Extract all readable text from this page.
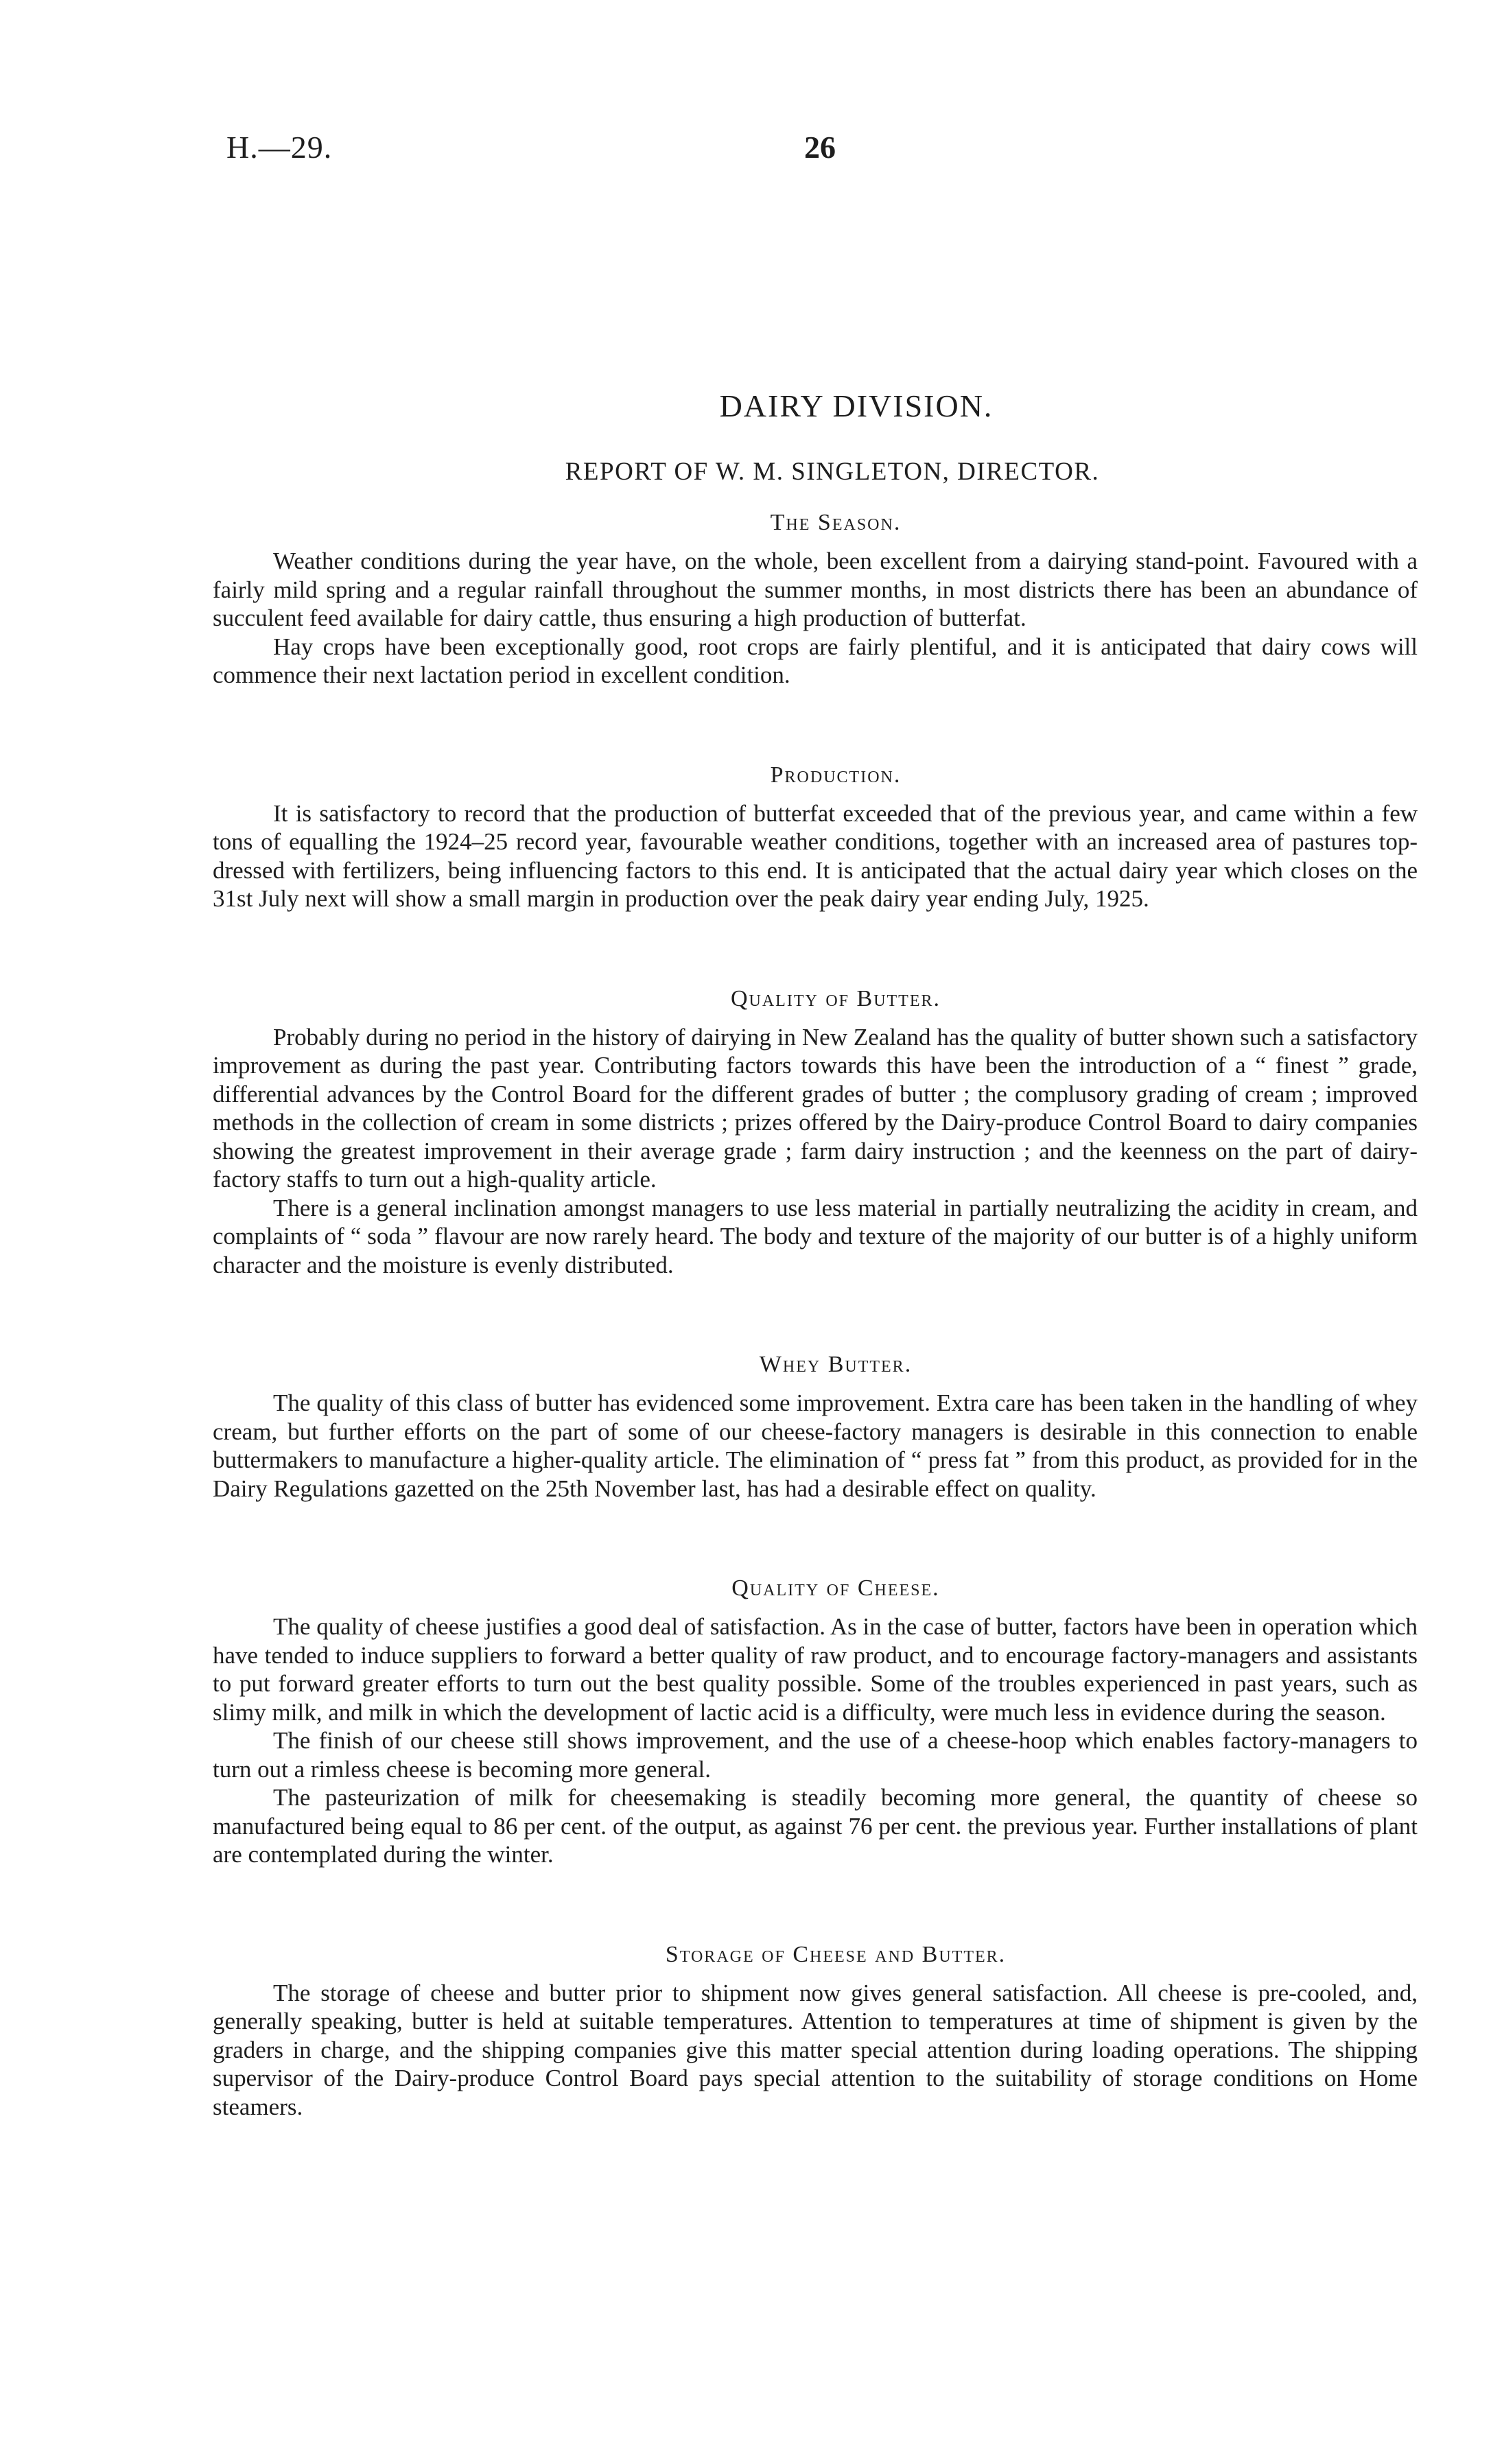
H.—29.	26
DAIRY DIVISION.
REPORT OF W. M. SINGLETON, DIRECTOR.
The Season.

Weather conditions during the year have, on the whole, been excellent from a dairying stand-point. Favoured with a fairly mild spring and a regular rainfall throughout the summer months, in most districts there has been an abundance of succulent feed available for dairy cattle, thus ensuring a high production of butterfat.

Hay crops have been exceptionally good, root crops are fairly plentiful, and it is anticipated that dairy cows will commence their next lactation period in excellent condition.

Production.

It is satisfactory to record that the production of butterfat exceeded that of the previous year, and came within a few tons of equalling the 1924–25 record year, favourable weather conditions, together with an increased area of pastures top-dressed with fertilizers, being influencing factors to this end. It is anticipated that the actual dairy year which closes on the 31st July next will show a small margin in production over the peak dairy year ending July, 1925.

Quality of Butter.

Probably during no period in the history of dairying in New Zealand has the quality of butter shown such a satisfactory improvement as during the past year. Contributing factors towards this have been the introduction of a “ finest ” grade, differential advances by the Control Board for the different grades of butter ; the complusory grading of cream ; improved methods in the collection of cream in some districts ; prizes offered by the Dairy-produce Control Board to dairy companies showing the greatest improvement in their average grade ; farm dairy instruction ; and the keenness on the part of dairy-factory staffs to turn out a high-quality article.

There is a general inclination amongst managers to use less material in partially neutralizing the acidity in cream, and complaints of “ soda ” flavour are now rarely heard. The body and texture of the majority of our butter is of a highly uniform character and the moisture is evenly distributed.

Whey Butter.

The quality of this class of butter has evidenced some improvement. Extra care has been taken in the handling of whey cream, but further efforts on the part of some of our cheese-factory managers is desirable in this connection to enable buttermakers to manufacture a higher-quality article. The elimination of “ press fat ” from this product, as provided for in the Dairy Regulations gazetted on the 25th November last, has had a desirable effect on quality.

Quality of Cheese.

The quality of cheese justifies a good deal of satisfaction. As in the case of butter, factors have been in operation which have tended to induce suppliers to forward a better quality of raw product, and to encourage factory-managers and assistants to put forward greater efforts to turn out the best quality possible. Some of the troubles experienced in past years, such as slimy milk, and milk in which the development of lactic acid is a difficulty, were much less in evidence during the season.

The finish of our cheese still shows improvement, and the use of a cheese-hoop which enables factory-managers to turn out a rimless cheese is becoming more general.

The pasteurization of milk for cheesemaking is steadily becoming more general, the quantity of cheese so manufactured being equal to 86 per cent. of the output, as against 76 per cent. the previous year. Further installations of plant are contemplated during the winter.

Storage of Cheese and Butter.

The storage of cheese and butter prior to shipment now gives general satisfaction. All cheese is pre-cooled, and, generally speaking, butter is held at suitable temperatures. Attention to temperatures at time of shipment is given by the graders in charge, and the shipping companies give this matter special attention during loading operations. The shipping supervisor of the Dairy-produce Control Board pays special attention to the suitability of storage conditions on Home steamers.
